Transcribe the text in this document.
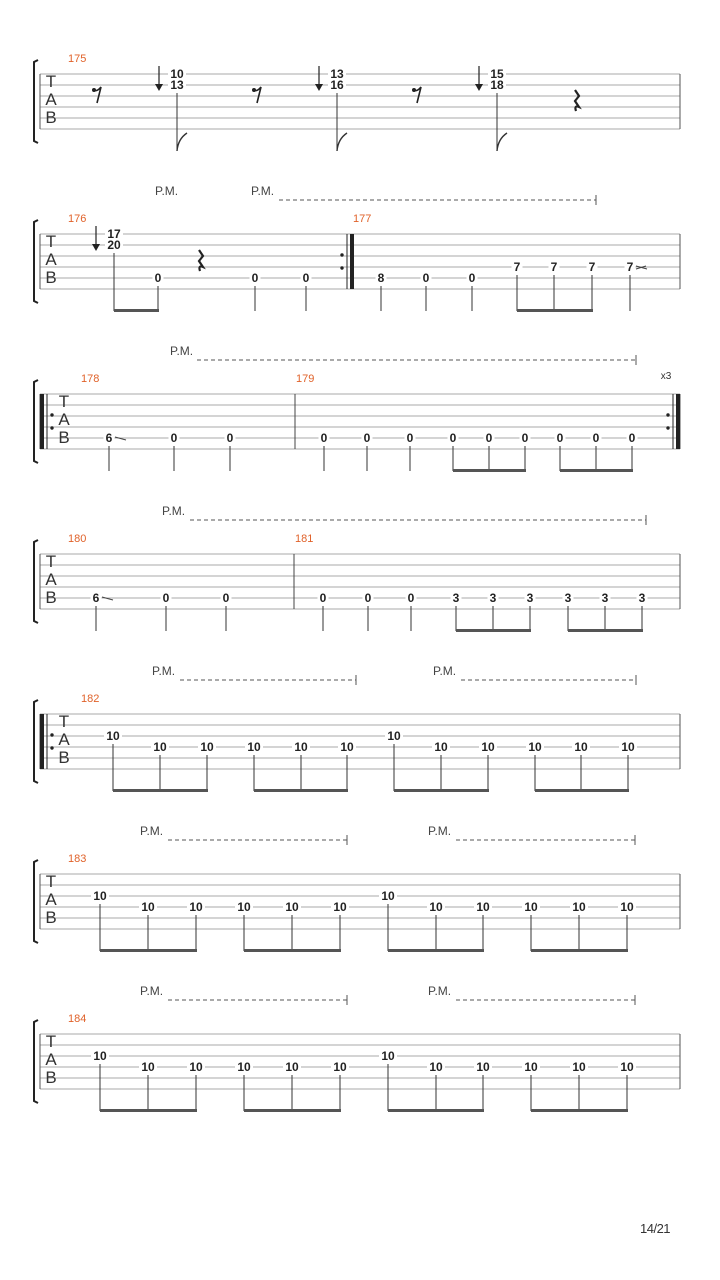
T
A
B
175
10
13
13
16
15
18
T
A
B
176	177
P.M.	P.M.
17
20
0	0	0	8	0	0
7	7	7	7
T
A
B
x3
178	179
P.M.
6	0	0	0	0	0	0 0 0 0 0 0
T
A
B
180	181
P.M.
6	0	0	0	0	0	3	3	3	3	3	3
T
A
B
182
P.M.	P.M.
10
10	10	10	10	10
10
10	10	10	10	10
T
A
B
183
P.M.	P.M.
10
10	10	10	10	10
10
10	10	10	10	10
T
A
B
184
P.M.	P.M.
10
10	10	10	10	10
10
10	10	10	10	10
14/21
